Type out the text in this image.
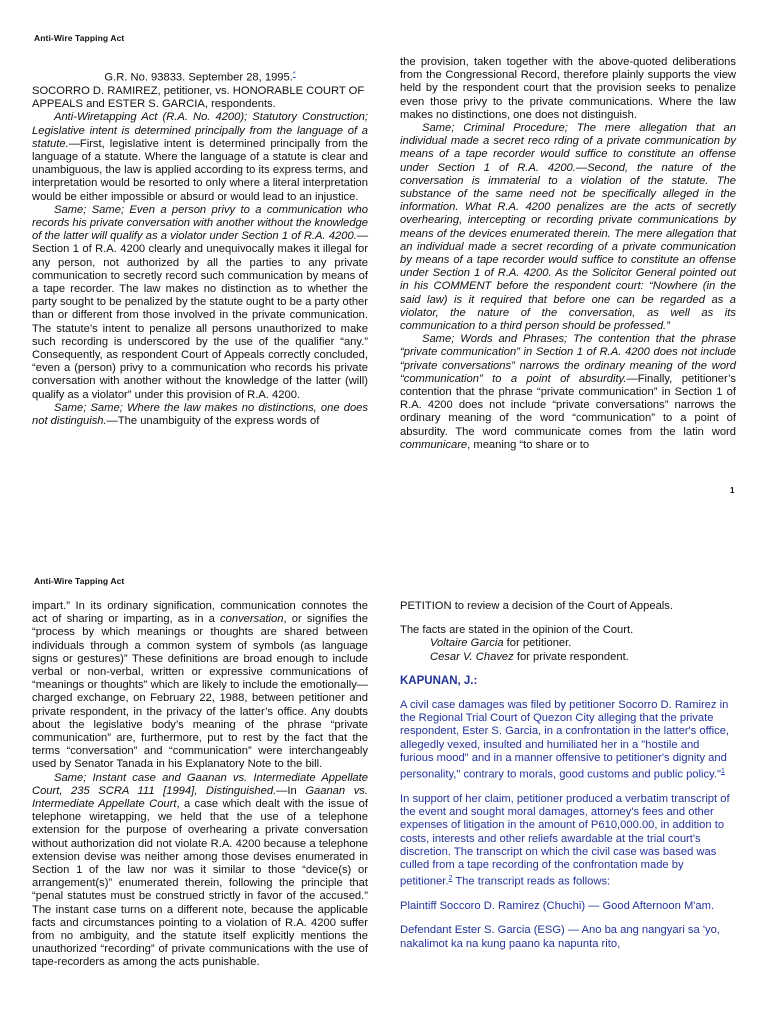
Anti-Wire Tapping Act

G.R. No. 93833. September 28, 1995.*

SOCORRO D. RAMIREZ, petitioner, vs. HONORABLE COURT OF APPEALS and ESTER S. GARCIA, respondents.

Anti-Wiretapping Act (R.A. No. 4200); Statutory Construction; Legislative intent is determined principally from the language of a statute.—First, legislative intent is determined principally from the language of a statute. Where the language of a statute is clear and unambiguous, the law is applied according to its express terms, and interpretation would be resorted to only where a literal interpretation would be either impossible or absurd or would lead to an injustice.

Same; Same; Even a person privy to a communication who records his private conversation with another without the knowledge of the latter will qualify as a violator under Section 1 of R.A. 4200.—Section 1 of R.A. 4200 clearly and unequivocally makes it illegal for any person, not authorized by all the parties to any private communication to secretly record such communication by means of a tape recorder. The law makes no distinction as to whether the party sought to be penalized by the statute ought to be a party other than or different from those involved in the private communication. The statute’s intent to penalize all persons unauthorized to make such recording is underscored by the use of the qualifier “any.” Consequently, as respondent Court of Appeals correctly concluded, “even a (person) privy to a communication who records his private conversation with another without the knowledge of the latter (will) qualify as a violator” under this provision of R.A. 4200.

Same; Same; Where the law makes no distinctions, one does not distinguish.—The unambiguity of the express words of

the provision, taken together with the above-quoted deliberations from the Congressional Record, therefore plainly supports the view held by the respondent court that the provision seeks to penalize even those privy to the private communications. Where the law makes no distinctions, one does not distinguish.

Same; Criminal Procedure; The mere allegation that an individual made a secret reco rding of a private communication by means of a tape recorder would suffice to constitute an offense under Section 1 of R.A. 4200.—Second, the nature of the conversation is immaterial to a violation of the statute. The substance of the same need not be specifically alleged in the information. What R.A. 4200 penalizes are the acts of secretly overhearing, intercepting or recording private communications by means of the devices enumerated therein. The mere allegation that an individual made a secret recording of a private communication by means of a tape recorder would suffice to constitute an offense under Section 1 of R.A. 4200. As the Solicitor General pointed out in his COMMENT before the respondent court: “Nowhere (in the said law) is it required that before one can be regarded as a violator, the nature of the conversation, as well as its communication to a third person should be professed.”

Same; Words and Phrases; The contention that the phrase “private communication” in Section 1 of R.A. 4200 does not include “private conversations” narrows the ordinary meaning of the word “communication” to a point of absurdity.—Finally, petitioner’s contention that the phrase “private communication” in Section 1 of R.A. 4200 does not include “private conversations” narrows the ordinary meaning of the word “communication” to a point of absurdity. The word communicate comes from the latin word communicare, meaning “to share or to

1
Anti-Wire Tapping Act

impart.” In its ordinary signification, communication connotes the act of sharing or imparting, as in a conversation, or signifies the “process by which meanings or thoughts are shared between individuals through a common system of symbols (as language signs or gestures)” These definitions are broad enough to include verbal or non-verbal, written or expressive communications of “meanings or thoughts” which are likely to include the emotionally—charged exchange, on February 22, 1988, between petitioner and private respondent, in the privacy of the latter’s office. Any doubts about the legislative body’s meaning of the phrase “private communication” are, furthermore, put to rest by the fact that the terms “conversation” and “communication” were interchangeably used by Senator Tanada in his Explanatory Note to the bill.

Same; Instant case and Gaanan vs. Intermediate Appellate Court, 235 SCRA 111 [1994], Distinguished.—In Gaanan vs. Intermediate Appellate Court, a case which dealt with the issue of telephone wiretapping, we held that the use of a telephone extension for the purpose of overhearing a private conversation without authorization did not violate R.A. 4200 because a telephone extension devise was neither among those devises enumerated in Section 1 of the law nor was it similar to those “device(s) or arrangement(s)” enumerated therein, following the principle that “penal statutes must be construed strictly in favor of the accused.” The instant case turns on a different note, because the applicable facts and circumstances pointing to a violation of R.A. 4200 suffer from no ambiguity, and the statute itself explicitly mentions the unauthorized “recording” of private communications with the use of tape-recorders as among the acts punishable.

PETITION to review a decision of the Court of Appeals.

The facts are stated in the opinion of the Court.

Voltaire Garcia for petitioner.

Cesar V. Chavez for private respondent.

KAPUNAN, J.:

A civil case damages was filed by petitioner Socorro D. Ramirez in the Regional Trial Court of Quezon City alleging that the private respondent, Ester S. Garcia, in a confrontation in the latter's office, allegedly vexed, insulted and humiliated her in a "hostile and furious mood" and in a manner offensive to petitioner's dignity and personality," contrary to morals, good customs and public policy."$^1$

In support of her claim, petitioner produced a verbatim transcript of the event and sought moral damages, attorney's fees and other expenses of litigation in the amount of P610,000.00, in addition to costs, interests and other reliefs awardable at the trial court's discretion. The transcript on which the civil case was based was culled from a tape recording of the confrontation made by petitioner.$^2$ The transcript reads as follows:

Plaintiff Soccoro D. Ramirez (Chuchi) — Good Afternoon M'am.

Defendant Ester S. Garcia (ESG) — Ano ba ang nangyari sa 'yo, nakalimot ka na kung paano ka napunta rito,
